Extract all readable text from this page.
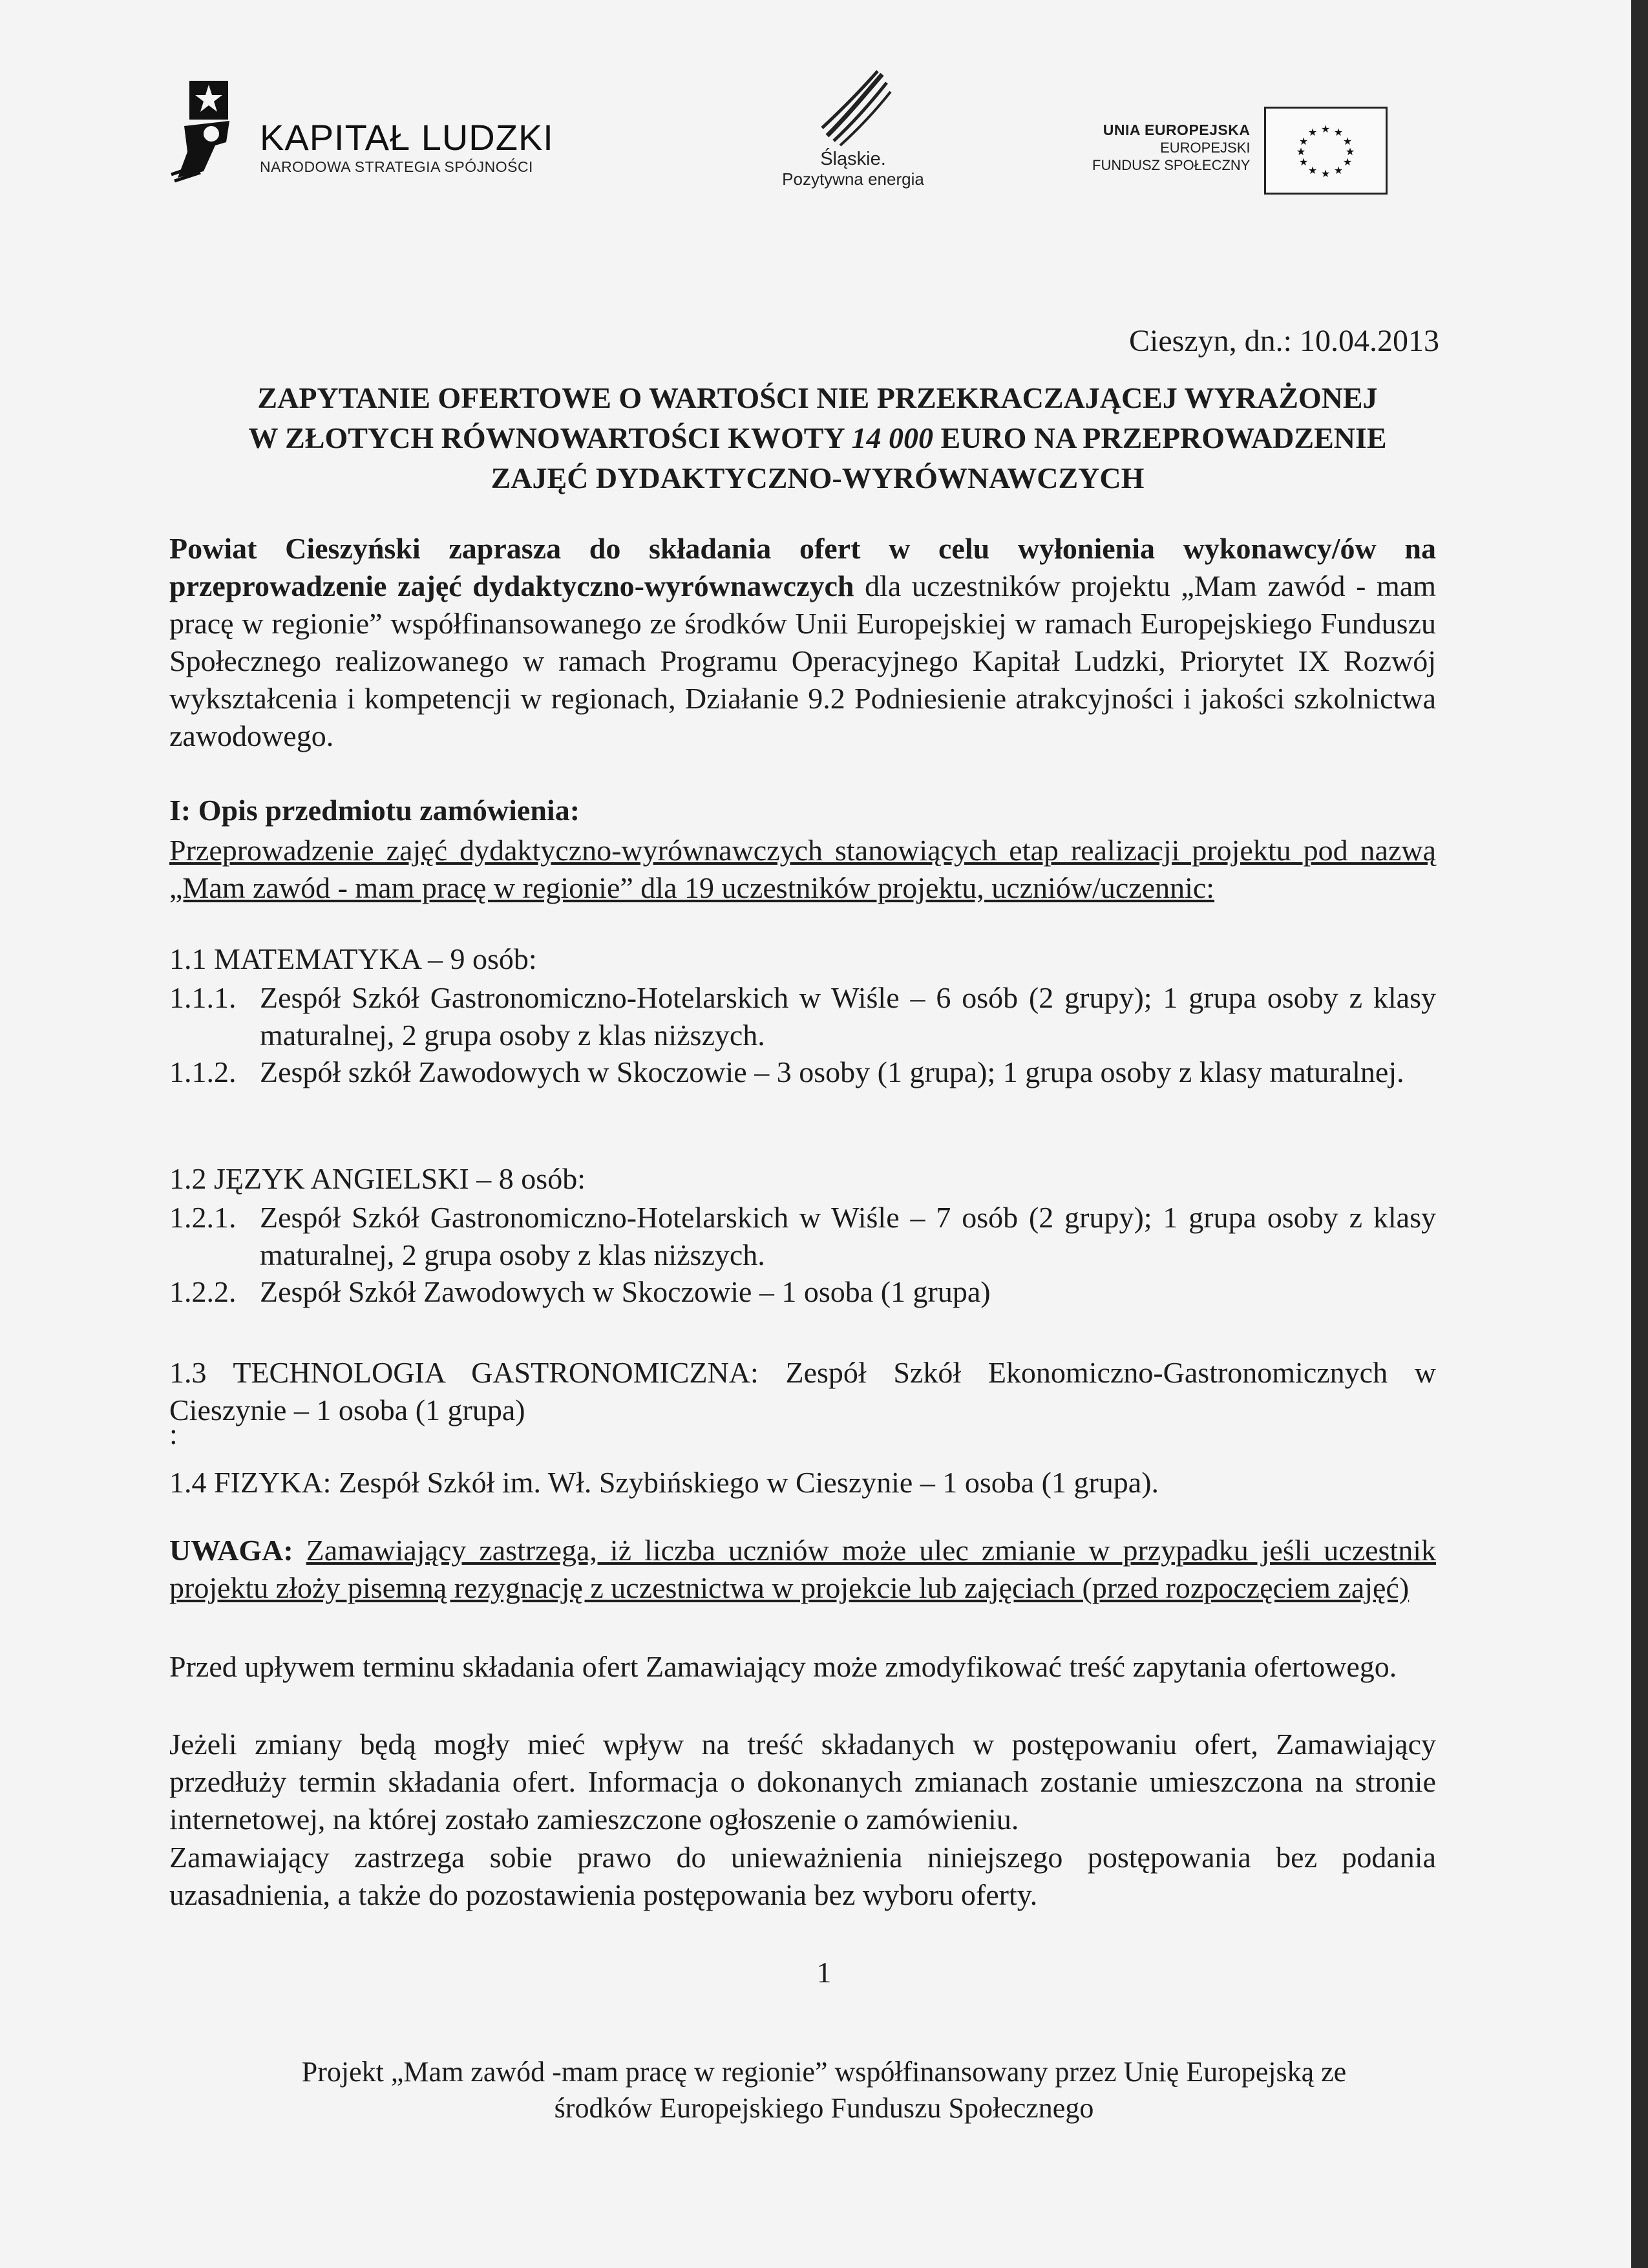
KAPITAŁ LUDZKI
NARODOWA STRATEGIA SPÓJNOŚCI	Śląskie.
Pozytywna energia
UNIA EUROPEJSKA
EUROPEJSKI
FUNDUSZ SPOŁECZNY
★ ★
★
★
★
★
★
★
★
★
★
★
Cieszyn, dn.: 10.04.2013
ZAPYTANIE OFERTOWE O WARTOŚCI NIE PRZEKRACZAJĄCEJ WYRAŻONEJ
W ZŁOTYCH RÓWNOWARTOŚCI KWOTY 14 000 EURO NA PRZEPROWADZENIE
ZAJĘĆ DYDAKTYCZNO-WYRÓWNAWCZYCH
Powiat Cieszyński zaprasza do składania ofert w celu wyłonienia wykonawcy/ów na przeprowadzenie zajęć dydaktyczno-wyrównawczych dla uczestników projektu „Mam zawód - mam pracę w regionie” współfinansowanego ze środków Unii Europejskiej w ramach Europejskiego Funduszu Społecznego realizowanego w ramach Programu Operacyjnego Kapitał Ludzki, Priorytet IX Rozwój wykształcenia i kompetencji w regionach, Działanie 9.2 Podniesienie atrakcyjności i jakości szkolnictwa zawodowego.
I: Opis przedmiotu zamówienia:
Przeprowadzenie zajęć dydaktyczno-wyrównawczych stanowiących etap realizacji projektu pod nazwą „Mam zawód - mam pracę w regionie” dla 19 uczestników projektu, uczniów/uczennic:
1.1 MATEMATYKA – 9 osób:
1.1.1. Zespół Szkół Gastronomiczno-Hotelarskich w Wiśle – 6 osób (2 grupy); 1 grupa osoby z klasy maturalnej, 2 grupa osoby z klas niższych.
1.1.2. Zespół szkół Zawodowych w Skoczowie – 3 osoby (1 grupa); 1 grupa osoby z klasy maturalnej.
1.2 JĘZYK ANGIELSKI – 8 osób:
1.2.1. Zespół Szkół Gastronomiczno-Hotelarskich w Wiśle – 7 osób (2 grupy); 1 grupa osoby z klasy maturalnej, 2 grupa osoby z klas niższych.
1.2.2. Zespół Szkół Zawodowych w Skoczowie – 1 osoba (1 grupa)
1.3 TECHNOLOGIA GASTRONOMICZNA: Zespół Szkół Ekonomiczno-Gastronomicznych w Cieszynie – 1 osoba (1 grupa)
:
1.4 FIZYKA: Zespół Szkół im. Wł. Szybińskiego w Cieszynie – 1 osoba (1 grupa).
UWAGA: Zamawiający zastrzega, iż liczba uczniów może ulec zmianie w przypadku jeśli uczestnik projektu złoży pisemną rezygnację z uczestnictwa w projekcie lub zajęciach (przed rozpoczęciem zajęć)
Przed upływem terminu składania ofert Zamawiający może zmodyfikować treść zapytania ofertowego.
Jeżeli zmiany będą mogły mieć wpływ na treść składanych w postępowaniu ofert, Zamawiający przedłuży termin składania ofert. Informacja o dokonanych zmianach zostanie umieszczona na stronie internetowej, na której zostało zamieszczone ogłoszenie o zamówieniu.
Zamawiający zastrzega sobie prawo do unieważnienia niniejszego postępowania bez podania uzasadnienia, a także do pozostawienia postępowania bez wyboru oferty.
1
Projekt „Mam zawód -mam pracę w regionie” współfinansowany przez Unię Europejską ze
środków Europejskiego Funduszu Społecznego
